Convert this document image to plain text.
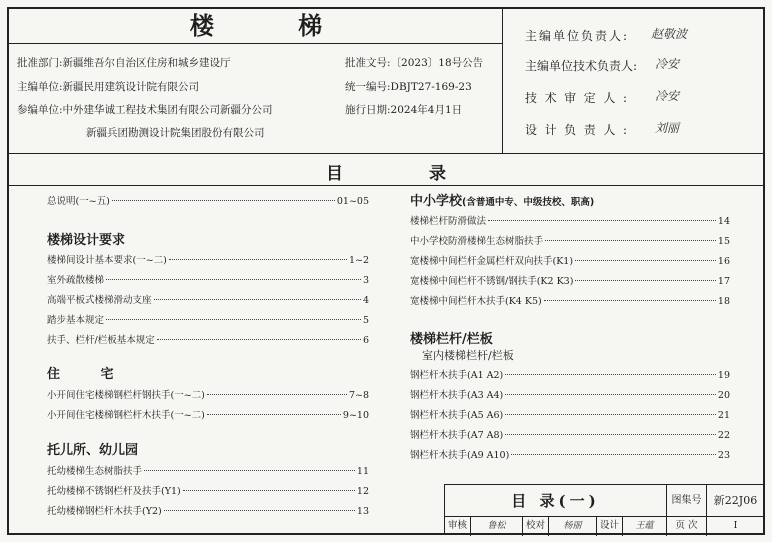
楼 梯
批准部门:新疆维吾尔自治区住房和城乡建设厅	批准文号:〔2023〕18号公告
主编单位:新疆民用建筑设计院有限公司	统一编号:DBJT27-169-23
参编单位:中外建华诚工程技术集团有限公司新疆分公司	施行日期:2024年4月1日
新疆兵团勘测设计院集团股份有限公司
主编单位负责人: 赵敬波
主编单位技术负责人: 冷安
技术审定人: 冷安
设计负责人: 刘丽
目 录
总说明(一~五)	01~05
楼梯设计要求
楼梯间设计基本要求(一~二)	1~2
室外疏散楼梯	3
高端平板式楼梯滑动支座	4
踏步基本规定	5
扶手、栏杆/栏板基本规定	6
住 宅
小开间住宅楼梯钢栏杆钢扶手(一~二)	7~8
小开间住宅楼梯钢栏杆木扶手(一~二)	9~10
托儿所、幼儿园
托幼楼梯生态树脂扶手	11
托幼楼梯不锈钢栏杆及扶手(Y1)	12
托幼楼梯钢栏杆木扶手(Y2)	13
中小学校(含普通中专、中级技校、职高)
楼梯栏杆防滑做法	14
中小学校防滑楼梯生态树脂扶手	15
宽楼梯中间栏杆金属栏杆双向扶手(K1)	16
宽楼梯中间栏杆不锈钢/钢扶手(K2 K3)	17
宽楼梯中间栏杆木扶手(K4 K5)	18
楼梯栏杆/栏板
室内楼梯栏杆/栏板
钢栏杆木扶手(A1 A2)	19
钢栏杆木扶手(A3 A4)	20
钢栏杆木扶手(A5 A6)	21
钢栏杆木扶手(A7 A8)	22
钢栏杆木扶手(A9 A10)	23
目 录(一)	图集号	新22J06
审核	鲁松	校对	杨丽	设计	王蕴	页 次	I
